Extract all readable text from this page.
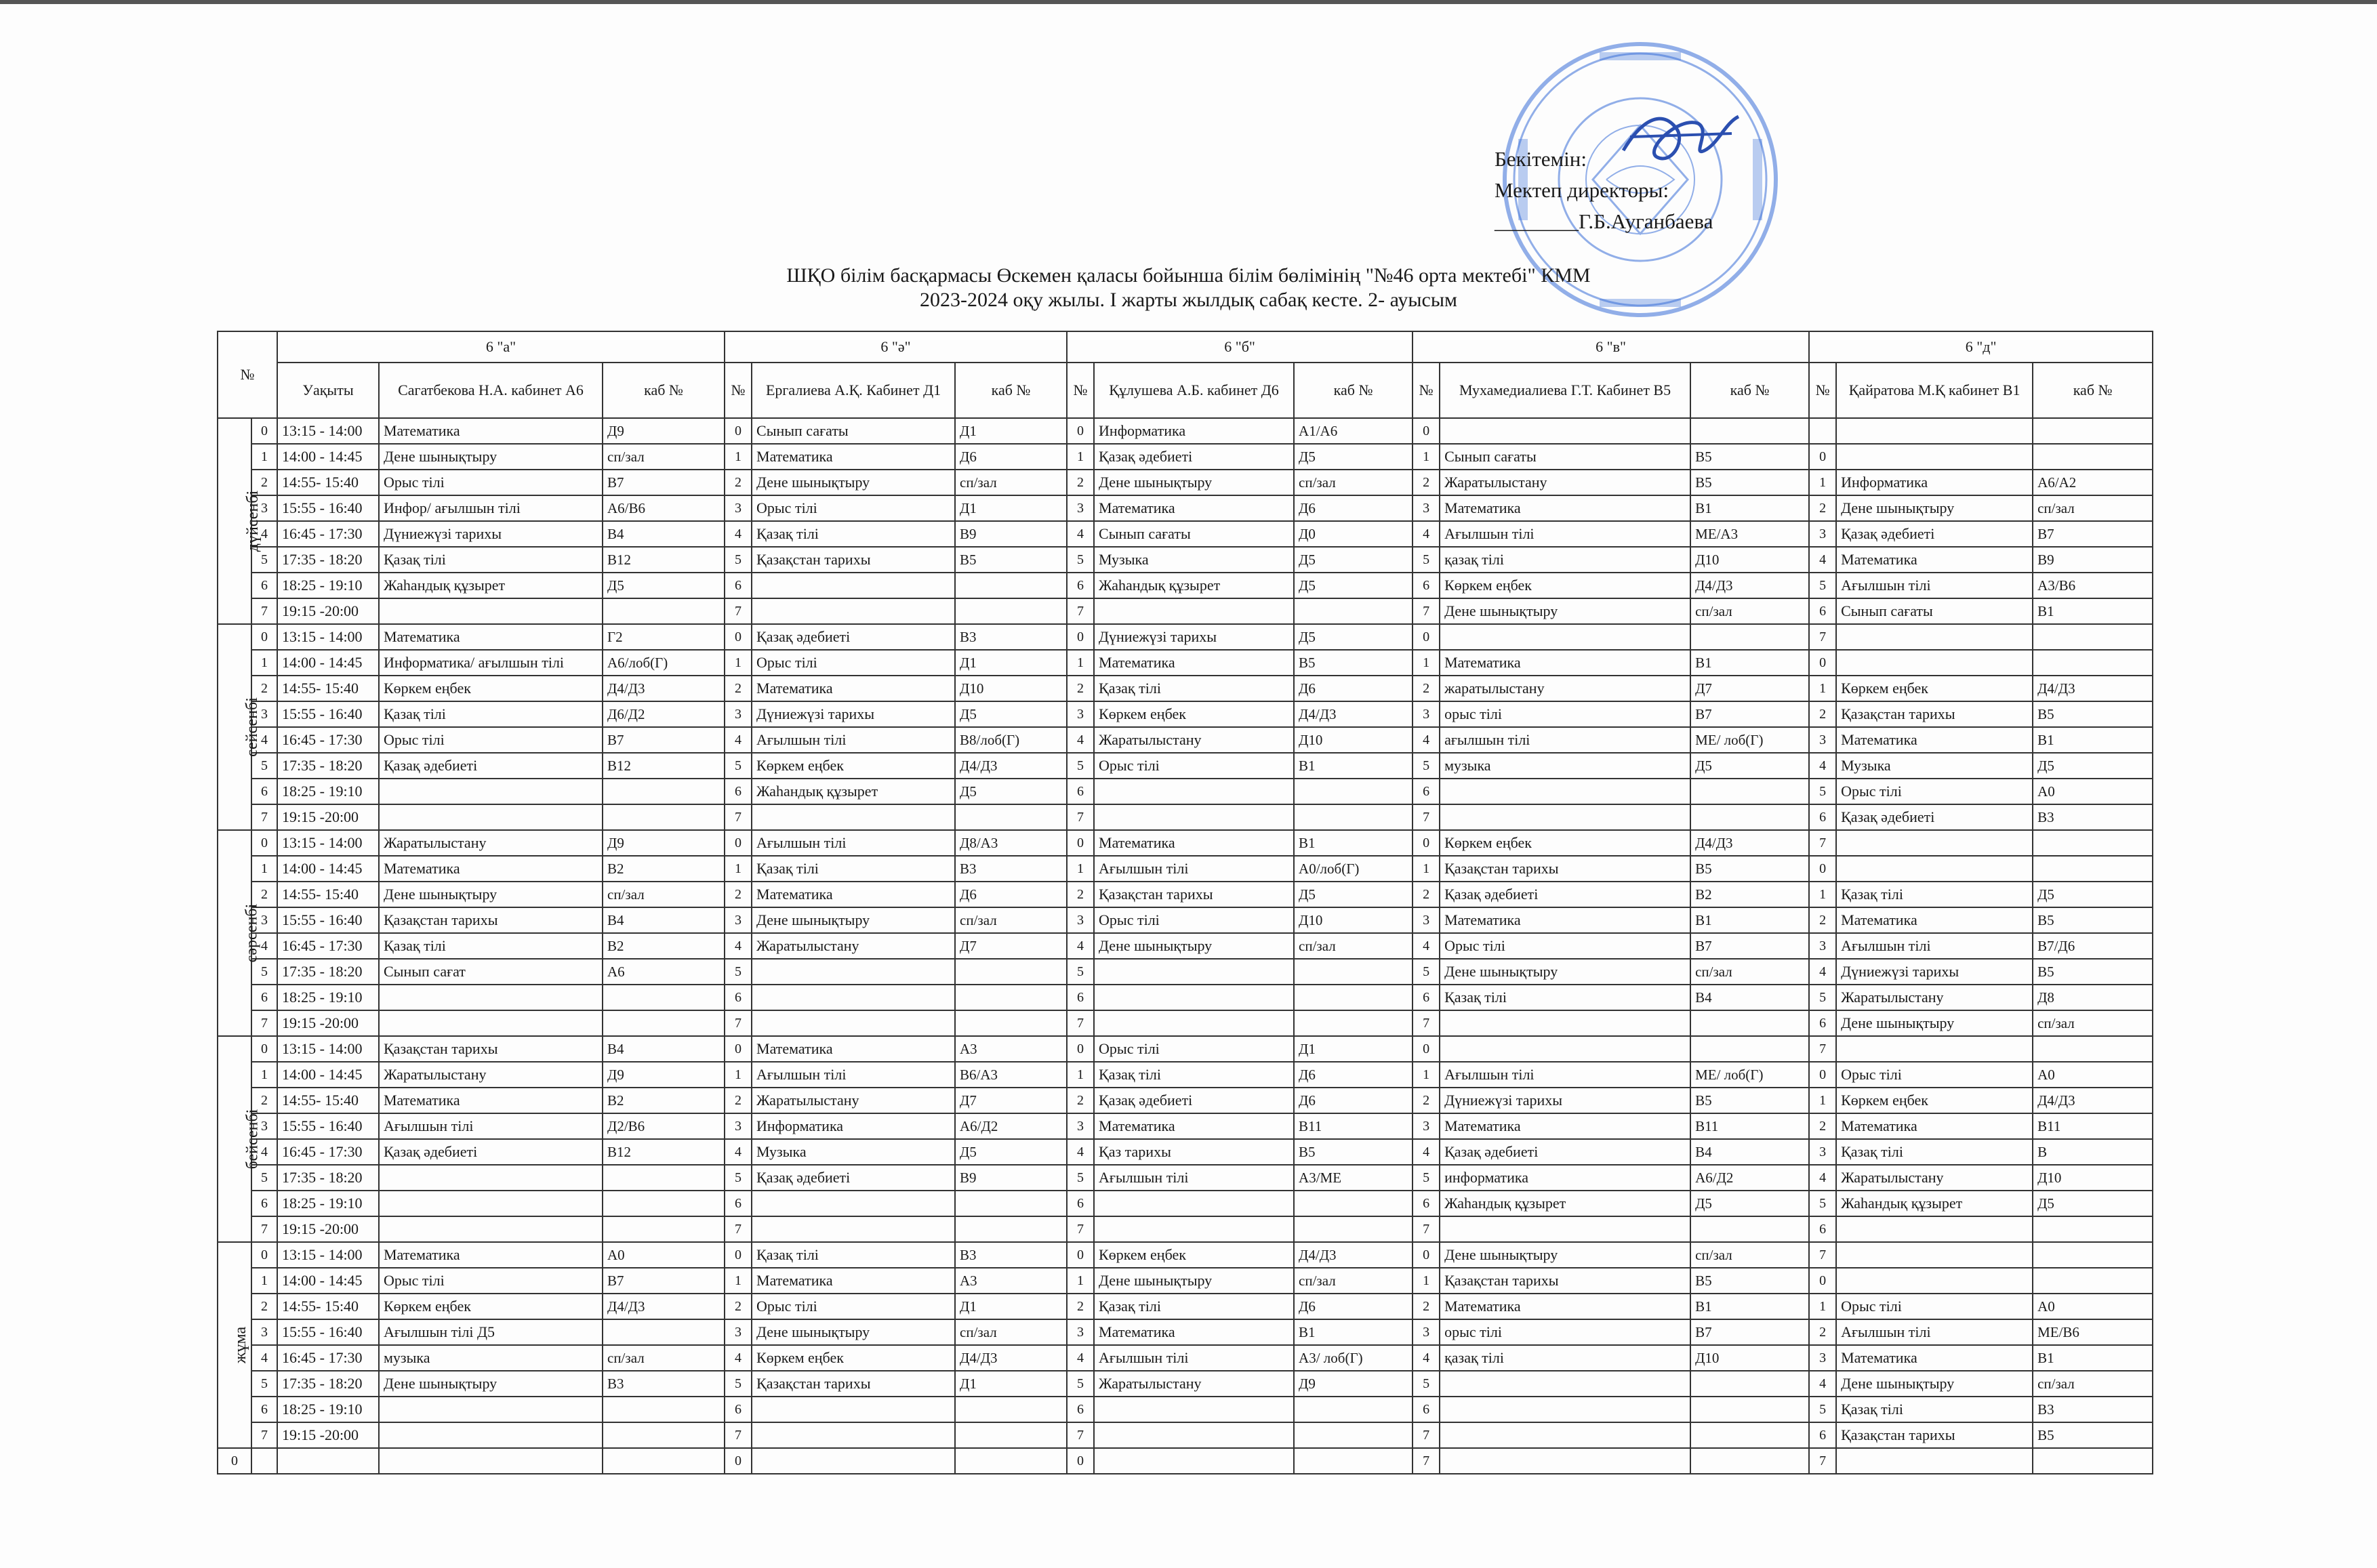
Бекітемін:
Мектеп директоры:
________Г.Б.Аугaнбаева
ШҚО білім басқармасы Өскемен қаласы бойынша білім бөлімінің "№46 орта мектебі" КММ
2023-2024 оқу жылы. І жарты жылдық сабақ кесте. 2- ауысым
№		6 "а"			6 "ә"			6 "б"			6 "в"			6 "д"		
		Уақыты	Сагатбекова Н.А. кабинет А6	каб №	№	Ергалиева А.Қ. Кабинет Д1	каб №	№	Құлушева А.Б. кабинет Д6	каб №	№	Мухамедиалиева Г.Т. Кабинет В5	каб №	№	Қайратова М.Қ кабинет В1	каб №
дүйсенбі	0	13:15 - 14:00	Математика	Д9	0	Сынып сағаты	Д1	0	Информатика	А1/А6	0					
	1	14:00 - 14:45	Дене шынықтыру	сп/зал	1	Математика	Д6	1	Қазақ әдебиеті	Д5	1	Сынып сағаты	В5	0		
	2	14:55- 15:40	Орыс тілі	В7	2	Дене шынықтыру	сп/зал	2	Дене шынықтыру	сп/зал	2	Жаратылыстану	В5	1	Информатика	А6/А2
	3	15:55 - 16:40	Инфор/ ағылшын тілі	А6/В6	3	Орыс тілі	Д1	3	Математика	Д6	3	Математика	В1	2	Дене шынықтыру	сп/зал
	4	16:45 - 17:30	Дүниежүзі тарихы	В4	4	Қазақ тілі	В9	4	Сынып сағаты	Д0	4	Ағылшын тілі	МЕ/А3	3	Қазақ әдебиеті	В7
	5	17:35 - 18:20	Қазақ тілі	В12	5	Қазақстан тарихы	В5	5	Музыка	Д5	5	қазақ тілі	Д10	4	Математика	В9
	6	18:25 - 19:10	Жаһандық құзырет	Д5	6			6	Жаһандық құзырет	Д5	6	Көркем еңбек	Д4/Д3	5	Ағылшын тілі	А3/В6
	7	19:15 -20:00			7			7			7	Дене шынықтыру	сп/зал	6	Сынып сағаты	В1
сейсенбі	0	13:15 - 14:00	Математика	Г2	0	Қазақ әдебиеті	В3	0	Дүниежүзі тарихы	Д5	0			7		
	1	14:00 - 14:45	Информатика/ ағылшын тілі	А6/лоб(Г)	1	Орыс тілі	Д1	1	Математика	В5	1	Математика	В1	0		
	2	14:55- 15:40	Көркем еңбек	Д4/Д3	2	Математика	Д10	2	Қазақ тілі	Д6	2	жаратылыстану	Д7	1	Көркем еңбек	Д4/Д3
	3	15:55 - 16:40	Қазақ тілі	Д6/Д2	3	Дүниежүзі тарихы	Д5	3	Көркем еңбек	Д4/Д3	3	орыс тілі	В7	2	Қазақстан тарихы	В5
	4	16:45 - 17:30	Орыс тілі	В7	4	Ағылшын тілі	В8/лоб(Г)	4	Жаратылыстану	Д10	4	ағылшын тілі	МЕ/ лоб(Г)	3	Математика	В1
	5	17:35 - 18:20	Қазақ әдебиеті	В12	5	Көркем еңбек	Д4/Д3	5	Орыс тілі	В1	5	музыка	Д5	4	Музыка	Д5
	6	18:25 - 19:10			6	Жаһандық құзырет	Д5	6			6			5	Орыс тілі	А0
	7	19:15 -20:00			7			7			7			6	Қазақ әдебиеті	В3
сәрсенбі	0	13:15 - 14:00	Жаратылыстану	Д9	0	Ағылшын тілі	Д8/А3	0	Математика	В1	0	Көркем еңбек	Д4/Д3	7		
	1	14:00 - 14:45	Математика	В2	1	Қазақ тілі	В3	1	Ағылшын тілі	А0/лоб(Г)	1	Қазақстан тарихы	В5	0		
	2	14:55- 15:40	Дене шынықтыру	сп/зал	2	Математика	Д6	2	Қазақстан тарихы	Д5	2	Қазақ әдебиеті	В2	1	Қазақ тілі	Д5
	3	15:55 - 16:40	Қазақстан тарихы	В4	3	Дене шынықтыру	сп/зал	3	Орыс тілі	Д10	3	Математика	В1	2	Математика	В5
	4	16:45 - 17:30	Қазақ тілі	В2	4	Жаратылыстану	Д7	4	Дене шынықтыру	сп/зал	4	Орыс тілі	В7	3	Ағылшын тілі	В7/Д6
	5	17:35 - 18:20	Сынып сағат	А6	5			5			5	Дене шынықтыру	сп/зал	4	Дүниежүзі тарихы	В5
	6	18:25 - 19:10			6			6			6	Қазақ тілі	В4	5	Жаратылыстану	Д8
	7	19:15 -20:00			7			7			7			6	Дене шынықтыру	сп/зал
бейсенбі	0	13:15 - 14:00	Қазақстан тарихы	В4	0	Математика	А3	0	Орыс тілі	Д1	0			7		
	1	14:00 - 14:45	Жаратылыстану	Д9	1	Ағылшын тілі	В6/А3	1	Қазақ тілі	Д6	1	Ағылшын тілі	МЕ/ лоб(Г)	0	Орыс тілі	А0
	2	14:55- 15:40	Математика	В2	2	Жаратылыстану	Д7	2	Қазақ әдебиеті	Д6	2	Дүниежүзі тарихы	В5	1	Көркем еңбек	Д4/Д3
	3	15:55 - 16:40	Ағылшын тілі	Д2/В6	3	Информатика	А6/Д2	3	Математика	В11	3	Математика	В11	2	Математика	В11
	4	16:45 - 17:30	Қазақ әдебиеті	В12	4	Музыка	Д5	4	Қаз тарихы	В5	4	Қазақ әдебиеті	В4	3	Қазақ тілі	В
	5	17:35 - 18:20			5	Қазақ әдебиеті	В9	5	Ағылшын тілі	А3/МЕ	5	информатика	А6/Д2	4	Жаратылыстану	Д10
	6	18:25 - 19:10			6			6			6	Жаһандық құзырет	Д5	5	Жаһандық құзырет	Д5
	7	19:15 -20:00			7			7			7			6		
жұма	0	13:15 - 14:00	Математика	А0	0	Қазақ тілі	В3	0	Көркем еңбек	Д4/Д3	0	Дене шынықтыру	сп/зал	7		
	1	14:00 - 14:45	Орыс тілі	В7	1	Математика	А3	1	Дене шынықтыру	сп/зал	1	Қазақстан тарихы	В5	0		
	2	14:55- 15:40	Көркем еңбек	Д4/Д3	2	Орыс тілі	Д1	2	Қазақ тілі	Д6	2	Математика	В1	1	Орыс тілі	А0
	3	15:55 - 16:40	Ағылшын тілі Д5		3	Дене шынықтыру	сп/зал	3	Математика	В1	3	орыс тілі	В7	2	Ағылшын тілі	МЕ/В6
	4	16:45 - 17:30	музыка	сп/зал	4	Көркем еңбек	Д4/Д3	4	Ағылшын тілі	А3/ лоб(Г)	4	қазақ тілі	Д10	3	Математика	В1
	5	17:35 - 18:20	Дене шынықтыру	В3	5	Қазақстан тарихы	Д1	5	Жаратылыстану	Д9	5			4	Дене шынықтыру	сп/зал
	6	18:25 - 19:10			6			6			6			5	Қазақ тілі	В3
	7	19:15 -20:00			7			7			7			6	Қазақстан тарихы	В5
0					0			0			7			7		
